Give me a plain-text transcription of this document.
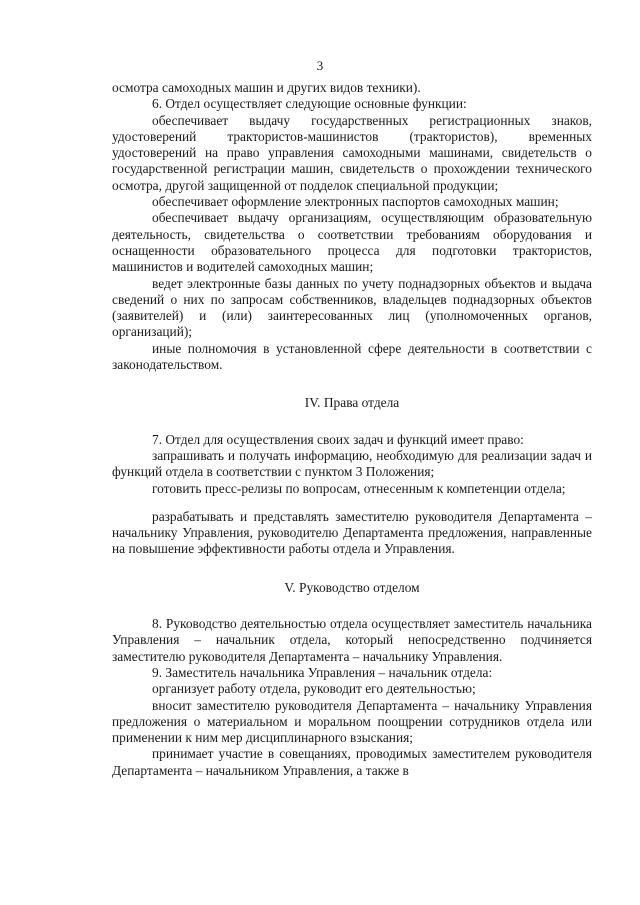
3

осмотра самоходных машин и других видов техники).

6. Отдел осуществляет следующие основные функции:

обеспечивает выдачу государственных регистрационных знаков, удостоверений трактористов-машинистов (трактористов), временных удостоверений на право управления самоходными машинами, свидетельств о государственной регистрации машин, свидетельств о прохождении технического осмотра, другой защищенной от подделок специальной продукции;

обеспечивает оформление электронных паспортов самоходных машин;

обеспечивает выдачу организациям, осуществляющим образовательную деятельность, свидетельства о соответствии требованиям оборудования и оснащенности образовательного процесса для подготовки трактористов, машинистов и водителей самоходных машин;

ведет электронные базы данных по учету поднадзорных объектов и выдача сведений о них по запросам собственников, владельцев поднадзорных объектов (заявителей) и (или) заинтересованных лиц (уполномоченных органов, организаций);

иные полномочия в установленной сфере деятельности в соответствии с законодательством.

IV. Права отдела

7. Отдел для осуществления своих задач и функций имеет право:

запрашивать и получать информацию, необходимую для реализации задач и функций отдела в соответствии с пунктом 3 Положения;

готовить пресс-релизы по вопросам, отнесенным к компетенции отдела;

разрабатывать и представлять заместителю руководителя Департамента – начальнику Управления, руководителю Департамента предложения, направленные на повышение эффективности работы отдела и Управления.

V. Руководство отделом

8. Руководство деятельностью отдела осуществляет заместитель начальника Управления – начальник отдела, который непосредственно подчиняется заместителю руководителя Департамента – начальнику Управления.

9. Заместитель начальника Управления – начальник отдела:

организует работу отдела, руководит его деятельностью;

вносит заместителю руководителя Департамента – начальнику Управления предложения о материальном и моральном поощрении сотрудников отдела или применении к ним мер дисциплинарного взыскания;

принимает участие в совещаниях, проводимых заместителем руководителя Департамента – начальником Управления, а также в
